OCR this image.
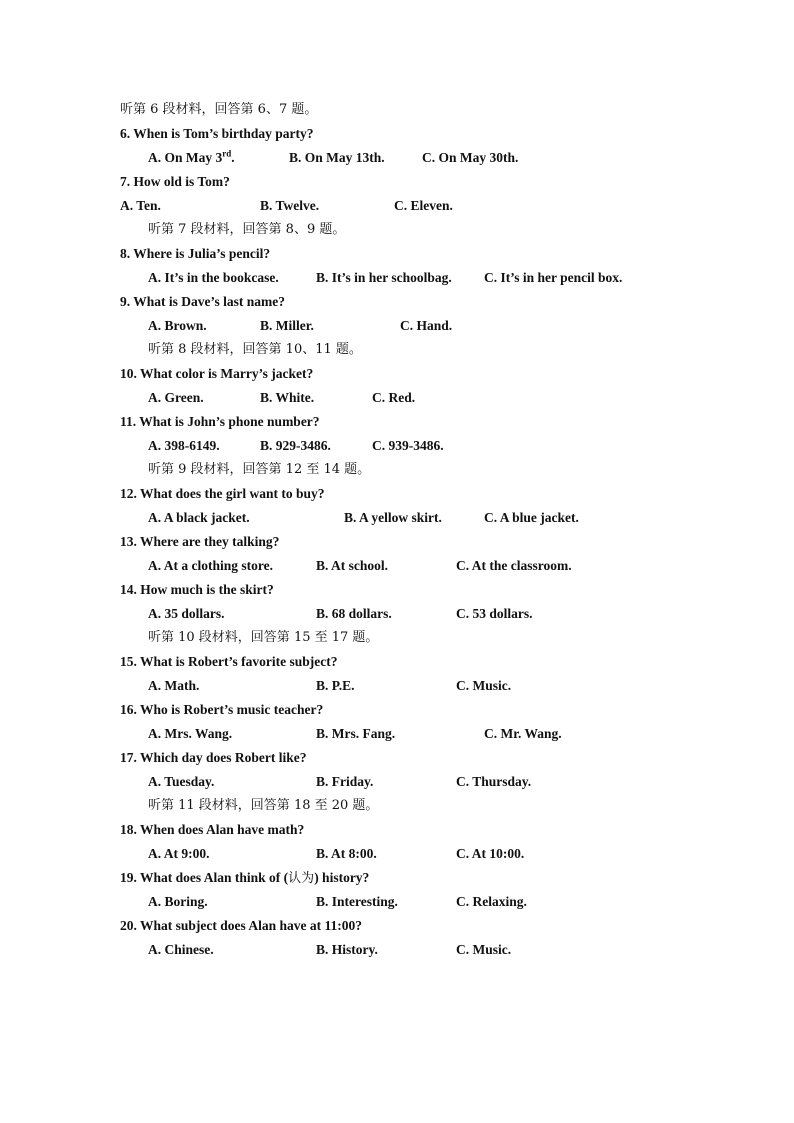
听第 6 段材料，回答第 6、7 题。
6. When is Tom’s birthday party?
A. On May 3rd.	B. On May 13th.	C. On May 30th.
7. How old is Tom?
A. Ten.	B. Twelve.	C. Eleven.
听第 7 段材料，回答第 8、9 题。
8. Where is Julia’s pencil?
A. It’s in the bookcase.	B. It’s in her schoolbag. C. It’s in her pencil box.
9. What is Dave’s last name?
A. Brown.	B. Miller.	C. Hand.
听第 8 段材料，回答第 10、11 题。
10. What color is Marry’s jacket?
A. Green.	B. White.	C. Red.
11. What is John’s phone number?
A. 398-6149.	B. 929-3486.	C. 939-3486.
听第 9 段材料，回答第 12 至 14 题。
12. What does the girl want to buy?
A. A black jacket.	B. A yellow skirt.	C. A blue jacket.
13. Where are they talking?
A. At a clothing store.	B. At school.	C. At the classroom.
14. How much is the skirt?
A. 35 dollars.	B. 68 dollars.	C. 53 dollars.
听第 10 段材料，回答第 15 至 17 题。
15. What is Robert’s favorite subject?
A. Math.	B. P.E.	C. Music.
16. Who is Robert’s music teacher?
A. Mrs. Wang.	B. Mrs. Fang.	C. Mr. Wang.
17. Which day does Robert like?
A. Tuesday.	B. Friday.	C. Thursday.
听第 11 段材料，回答第 18 至 20 题。
18. When does Alan have math?
A. At 9:00.	B. At 8:00.	C. At 10:00.
19. What does Alan think of (认为) history?
A. Boring.	B. Interesting.	C. Relaxing.
20. What subject does Alan have at 11:00?
A. Chinese.	B. History.	C. Music.
